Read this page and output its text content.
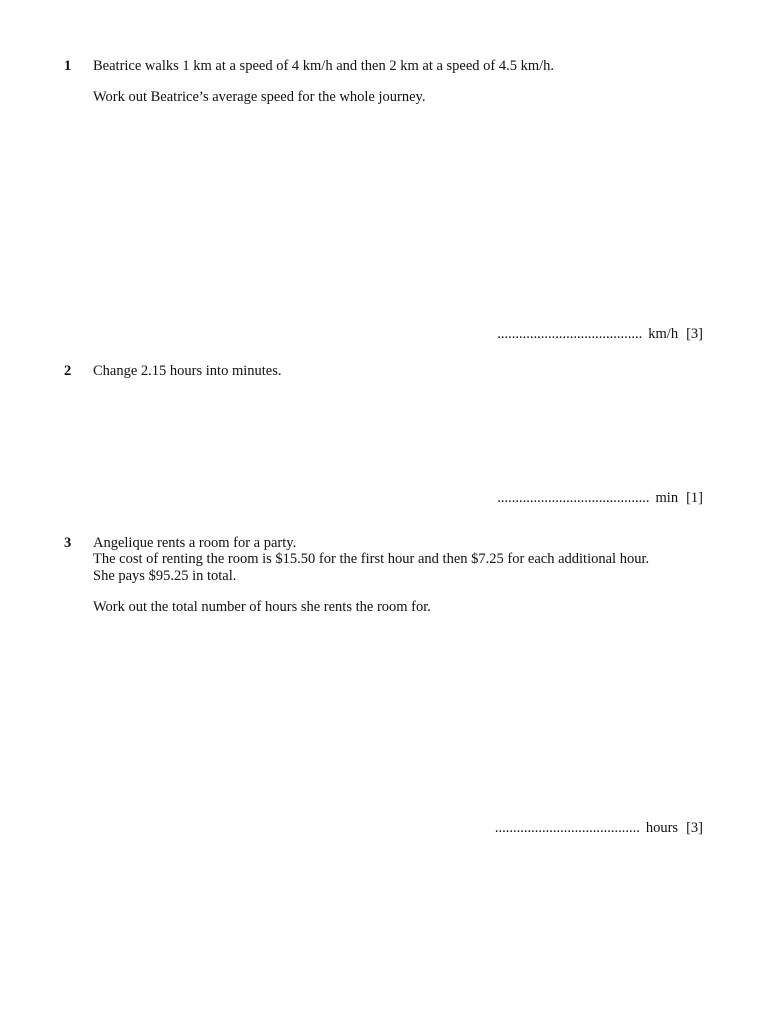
1 Beatrice walks 1 km at a speed of 4 km/h and then 2 km at a speed of 4.5 km/h.
Work out Beatrice’s average speed for the whole journey.
........................................ km/h [3]
2 Change 2.15 hours into minutes.
.......................................... min [1]
3 Angelique rents a room for a party.
The cost of renting the room is $15.50 for the first hour and then $7.25 for each additional hour.
She pays $95.25 in total.
Work out the total number of hours she rents the room for.
........................................ hours [3]
